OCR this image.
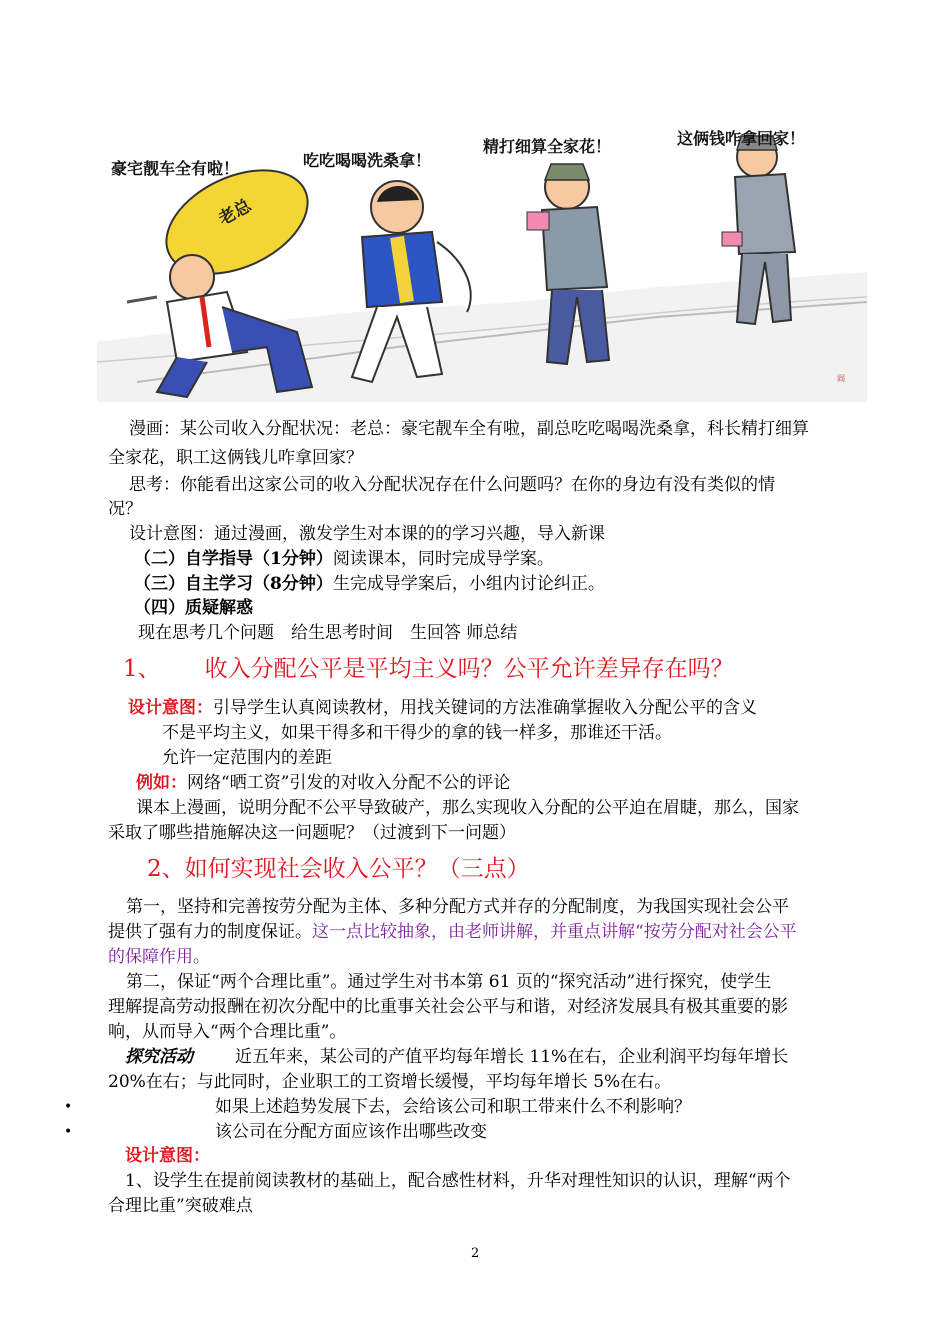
豪宅靓车全有啦！	吃吃喝喝洗桑拿！
精打细算全家花！	这俩钱咋拿回家！
老总
阎
漫画：某公司收入分配状况：老总：豪宅靓车全有啦，副总吃吃喝喝洗桑拿，科长精打细算
全家花，职工这俩钱儿咋拿回家？
思考：你能看出这家公司的收入分配状况存在什么问题吗？在你的身边有没有类似的情
况？
设计意图：通过漫画，激发学生对本课的的学习兴趣，导入新课
（二）自学指导（1分钟）阅读课本，同时完成导学案。
（三）自主学习（8分钟）生完成导学案后，小组内讨论纠正。
（四）质疑解惑
现在思考几个问题　给生思考时间　生回答 师总结
1、 收入分配公平是平均主义吗？公平允许差异存在吗？
设计意图：引导学生认真阅读教材，用找关键词的方法准确掌握收入分配公平的含义
不是平均主义，如果干得多和干得少的拿的钱一样多，那谁还干活。
允许一定范围内的差距
例如：网络“晒工资”引发的对收入分配不公的评论
课本上漫画，说明分配不公平导致破产，那么实现收入分配的公平迫在眉睫，那么，国家
采取了哪些措施解决这一问题呢？（过渡到下一问题）
2、如何实现社会收入公平？（三点）
第一，坚持和完善按劳分配为主体、多种分配方式并存的分配制度，为我国实现社会公平
提供了强有力的制度保证。这一点比较抽象，由老师讲解，并重点讲解“按劳分配对社会公平
的保障作用。
第二，保证“两个合理比重”。通过学生对书本第 61 页的“探究活动”进行探究，使学生
理解提高劳动报酬在初次分配中的比重事关社会公平与和谐，对经济发展具有极其重要的影
响，从而导入“两个合理比重”。
探究活动 近五年来，某公司的产值平均每年增长 11%在右，企业利润平均每年增长
20%在右；与此同时，企业职工的工资增长缓慢，平均每年增长 5%在右。
•	如果上述趋势发展下去，会给该公司和职工带来什么不利影响？
•	该公司在分配方面应该作出哪些改变
设计意图：
1、设学生在提前阅读教材的基础上，配合感性材料，升华对理性知识的认识，理解“两个
合理比重”突破难点
2
